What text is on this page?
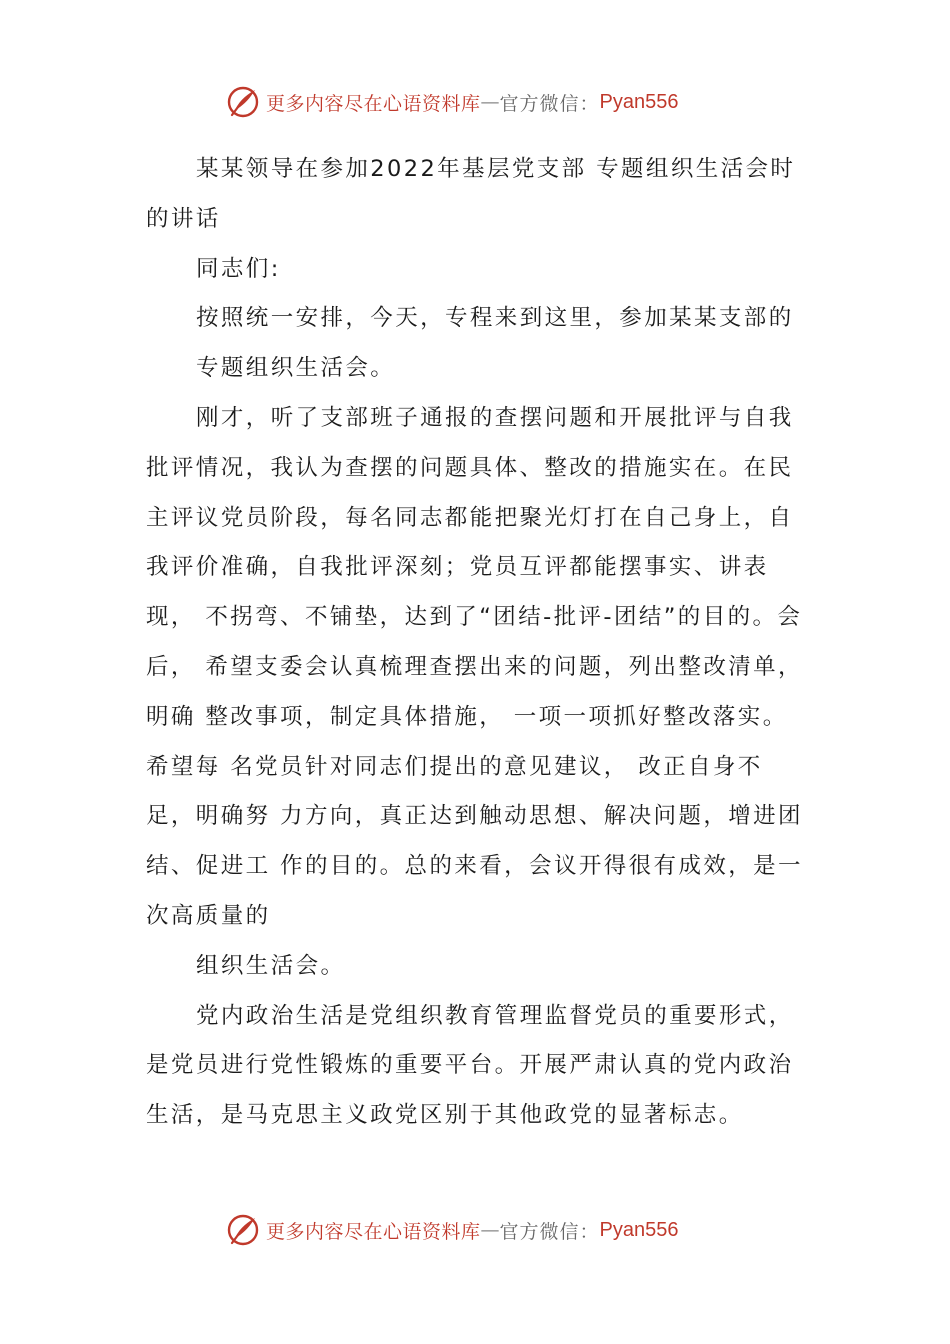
更多内容尽在心语资料库 — 官方微信： Pyan556

某某领导在参加2022年基层党支部 专题组织生活会时的讲话

同志们:

按照统一安排，今天，专程来到这里，参加某某支部的

专题组织生活会。

刚才，听了支部班子通报的查摆问题和开展批评与自我 批评情况，我认为查摆的问题具体、整改的措施实在。在民 主评议党员阶段，每名同志都能把聚光灯打在自己身上，自 我评价准确，自我批评深刻；党员互评都能摆事实、讲表现， 不拐弯、不铺垫，达到了“团结-批评-团结”的目的。会后， 希望支委会认真梳理查摆出来的问题，列出整改清单，明确 整改事项，制定具体措施， 一项一项抓好整改落实。希望每 名党员针对同志们提出的意见建议， 改正自身不足，明确努 力方向，真正达到触动思想、解决问题，增进团结、促进工 作的目的。总的来看，会议开得很有成效，是一次高质量的

组织生活会。

党内政治生活是党组织教育管理监督党员的重要形式， 是党员进行党性锻炼的重要平台。开展严肃认真的党内政治 生活，是马克思主义政党区别于其他政党的显著标志。

更多内容尽在心语资料库 — 官方微信： Pyan556
